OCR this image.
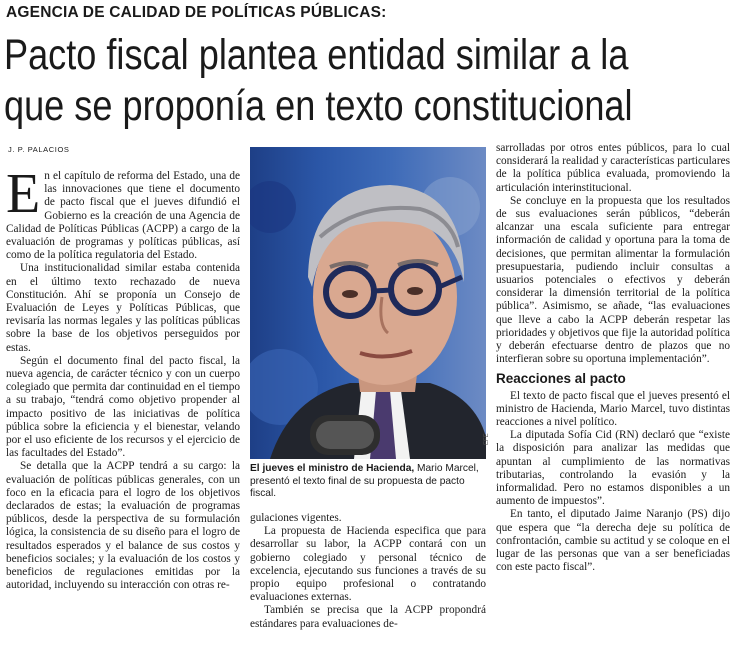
AGENCIA DE CALIDAD DE POLÍTICAS PÚBLICAS:
Pacto fiscal plantea entidad similar a la
que se proponía en texto constitucional
J. P. PALACIOS

En el capítulo de reforma del Estado, una de las innovaciones que tiene el documento de pacto fiscal que el jueves difundió el Gobierno es la creación de una Agencia de Calidad de Políticas Públicas (ACPP) a cargo de la evaluación de programas y políticas públicas, así como de la política regulatoria del Estado.

Una institucionalidad similar estaba contenida en el último texto rechazado de nueva Constitución. Ahí se proponía un Consejo de Evaluación de Leyes y Políticas Públicas, que revisaría las normas legales y las políticas públicas sobre la base de los objetivos perseguidos por estas.

Según el documento final del pacto fiscal, la nueva agencia, de carácter técnico y con un cuerpo colegiado que permita dar continuidad en el tiempo a su trabajo, “tendrá como objetivo propender al impacto positivo de las iniciativas de política pública sobre la eficiencia y el bienestar, velando por el uso eficiente de los recursos y el ejercicio de las facultades del Estado”.

Se detalla que la ACPP tendrá a su cargo: la evaluación de políticas públicas generales, con un foco en la eficacia para el logro de los objetivos declarados de estas; la evaluación de programas públicos, desde la perspectiva de su formulación lógica, la consistencia de su diseño para el logro de resultados esperados y el balance de sus costos y beneficios sociales; y la evaluación de los costos y beneficios de regulaciones emitidas por la autoridad, incluyendo su interacción con otras re-

EFE
El jueves el ministro de Hacienda, Mario Marcel, presentó el texto final de su propuesta de pacto fiscal.

gulaciones vigentes.

La propuesta de Hacienda especifica que para desarrollar su labor, la ACPP contará con un gobierno colegiado y personal técnico de excelencia, ejecutando sus funciones a través de su propio equipo profesional o contratando evaluaciones externas.

También se precisa que la ACPP propondrá estándares para evaluaciones de-

sarrolladas por otros entes públicos, para lo cual considerará la realidad y características particulares de la política pública evaluada, promoviendo la articulación interinstitucional.

Se concluye en la propuesta que los resultados de sus evaluaciones serán públicos, “deberán alcanzar una escala suficiente para entregar información de calidad y oportuna para la toma de decisiones, que permitan alimentar la formulación presupuestaria, pudiendo incluir consultas a usuarios potenciales o efectivos y deberán considerar la dimensión territorial de la política pública”. Asimismo, se añade, “las evaluaciones que lleve a cabo la ACPP deberán respetar las prioridades y objetivos que fije la autoridad política y deberán efectuarse dentro de plazos que no interfieran sobre su oportuna implementación”.

Reacciones al pacto

El texto de pacto fiscal que el jueves presentó el ministro de Hacienda, Mario Marcel, tuvo distintas reacciones a nivel político.

La diputada Sofía Cid (RN) declaró que “existe la disposición para analizar las medidas que apuntan al cumplimiento de las normativas tributarias, controlando la evasión y la informalidad. Pero no estamos disponibles a un aumento de impuestos”.

En tanto, el diputado Jaime Naranjo (PS) dijo que espera que “la derecha deje su política de confrontación, cambie su actitud y se coloque en el lugar de las personas que van a ser beneficiadas con este pacto fiscal”.
